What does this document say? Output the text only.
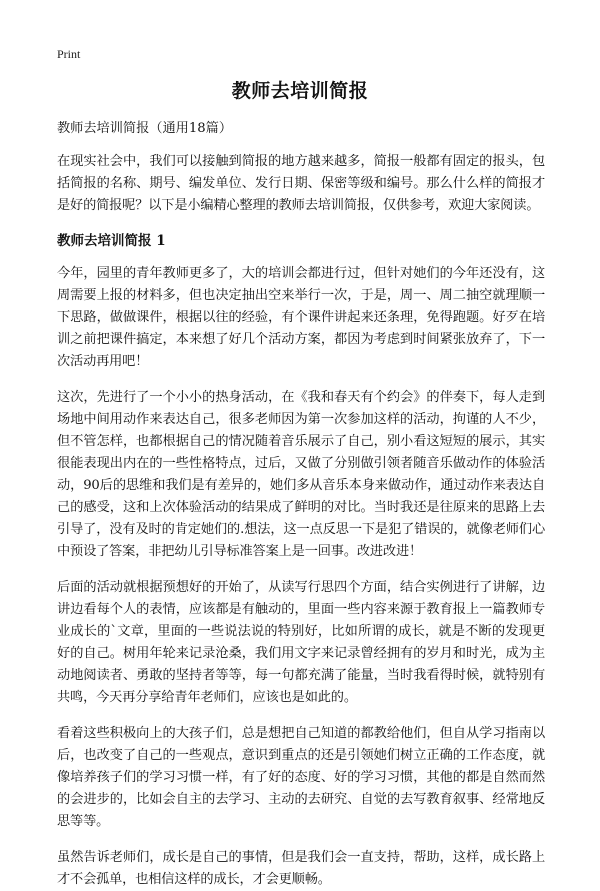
Print
教师去培训简报

教师去培训简报（通用18篇）

在现实社会中，我们可以接触到简报的地方越来越多，简报一般都有固定的报头，包括简报的名称、期号、编发单位、发行日期、保密等级和编号。那么什么样的简报才是好的简报呢？以下是小编精心整理的教师去培训简报，仅供参考，欢迎大家阅读。

教师去培训简报 1

今年，园里的青年教师更多了，大的培训会都进行过，但针对她们的今年还没有，这周需要上报的材料多，但也决定抽出空来举行一次，于是，周一、周二抽空就理顺一下思路，做做课件，根据以往的经验，有个课件讲起来还条理，免得跑题。好歹在培训之前把课件搞定，本来想了好几个活动方案，都因为考虑到时间紧张放弃了，下一次活动再用吧！

这次，先进行了一个小小的热身活动，在《我和春天有个约会》的伴奏下，每人走到场地中间用动作来表达自己，很多老师因为第一次参加这样的活动，拘谨的人不少，但不管怎样，也都根据自己的情况随着音乐展示了自己，别小看这短短的展示，其实很能表现出内在的一些性格特点，过后，又做了分别做引领者随音乐做动作的体验活动，90后的思维和我们是有差异的，她们多从音乐本身来做动作，通过动作来表达自己的感受，这和上次体验活动的结果成了鲜明的对比。当时我还是往原来的思路上去引导了，没有及时的肯定她们的.想法，这一点反思一下是犯了错误的，就像老师们心中预设了答案，非把幼儿引导标准答案上是一回事。改进改进！

后面的活动就根据预想好的开始了，从读写行思四个方面，结合实例进行了讲解，边讲边看每个人的表情，应该都是有触动的，里面一些内容来源于教育报上一篇教师专业成长的`文章，里面的一些说法说的特别好，比如所谓的成长，就是不断的发现更好的自己。树用年轮来记录沧桑，我们用文字来记录曾经拥有的岁月和时光，成为主动地阅读者、勇敢的坚持者等等，每一句都充满了能量，当时我看得时候，就特别有共鸣，今天再分享给青年老师们，应该也是如此的。

看着这些积极向上的大孩子们，总是想把自己知道的都教给他们，但自从学习指南以后，也改变了自己的一些观点，意识到重点的还是引领她们树立正确的工作态度，就像培养孩子们的学习习惯一样，有了好的态度、好的学习习惯，其他的都是自然而然的会进步的，比如会自主的去学习、主动的去研究、自觉的去写教育叙事、经常地反思等等。

虽然告诉老师们，成长是自己的事情，但是我们会一直支持，帮助，这样，成长路上才不会孤单，也相信这样的成长，才会更顺畅。
